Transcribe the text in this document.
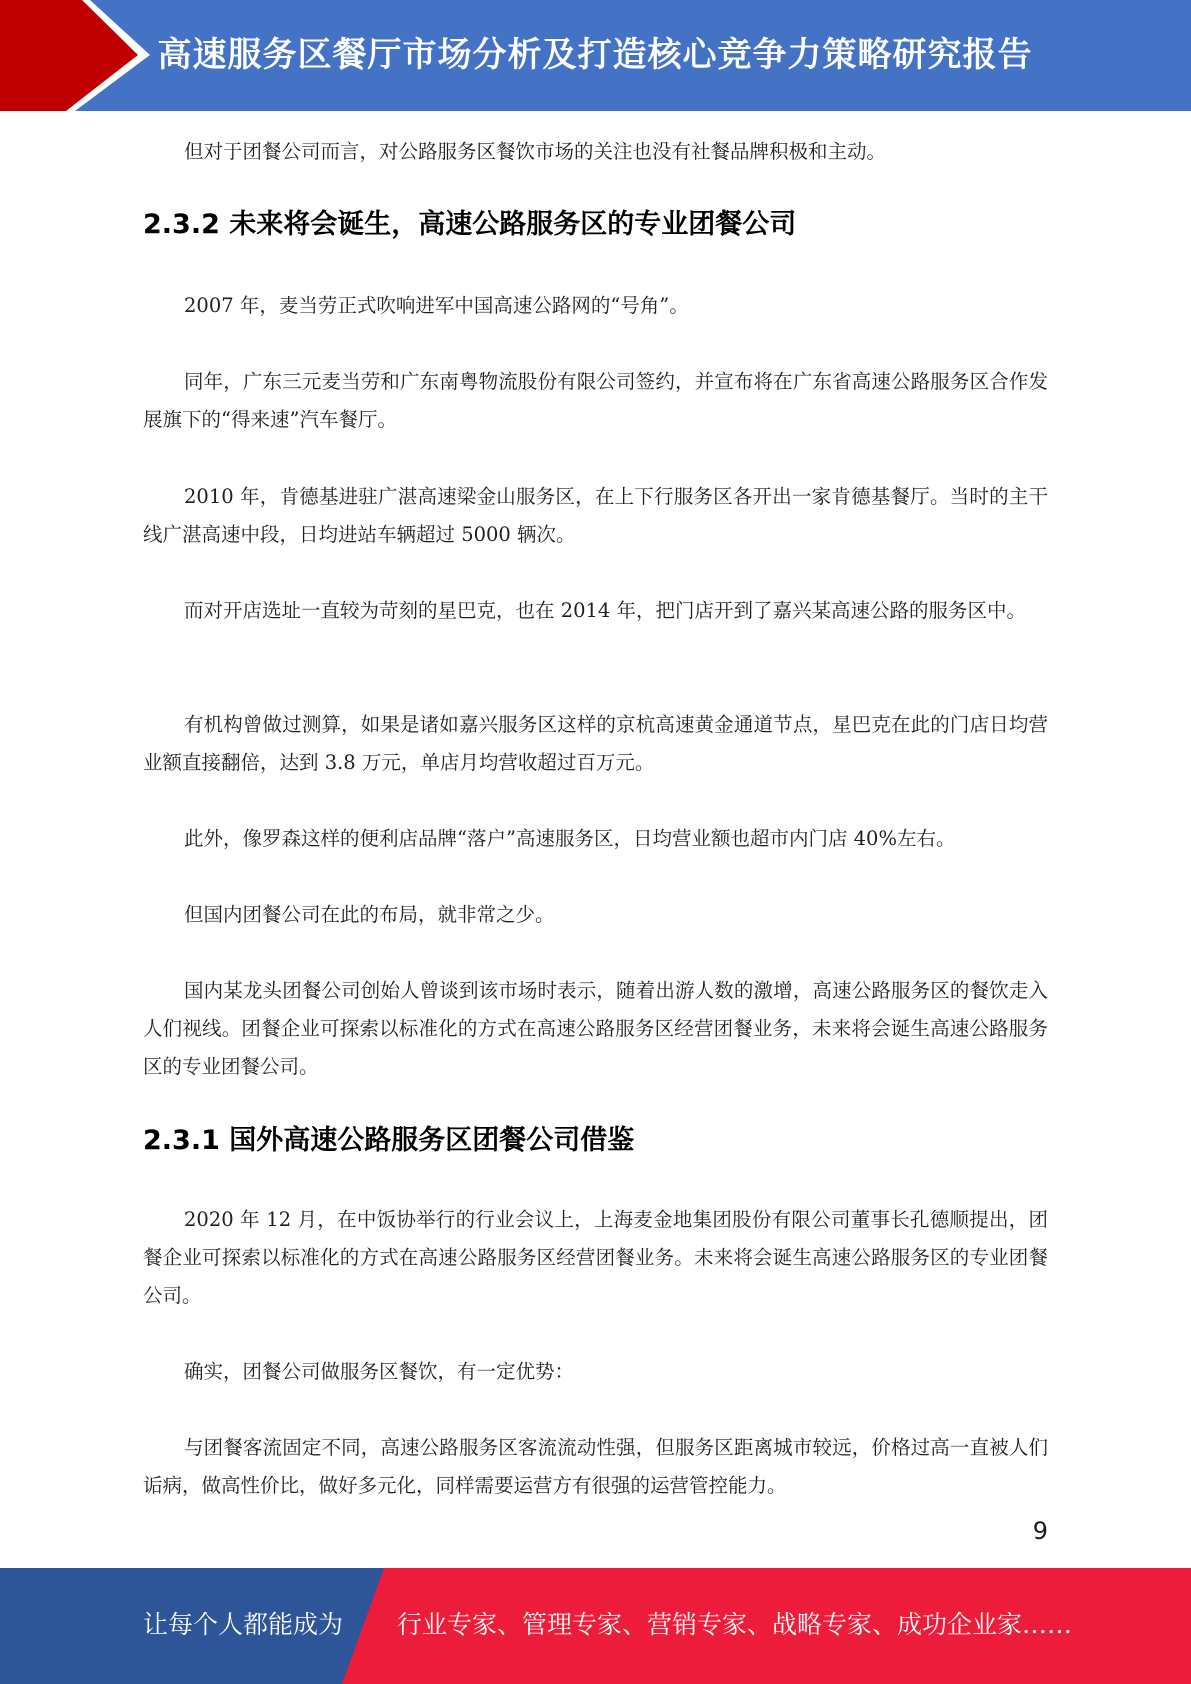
高速服务区餐厅市场分析及打造核心竞争力策略研究报告

但对于团餐公司而言，对公路服务区餐饮市场的关注也没有社餐品牌积极和主动。

2.3.2 未来将会诞生，高速公路服务区的专业团餐公司

2007 年，麦当劳正式吹响进军中国高速公路网的“号角”。

同年，广东三元麦当劳和广东南粤物流股份有限公司签约，并宣布将在广东省高速公路服务区合作发展旗下的“得来速”汽车餐厅。

2010 年，肯德基进驻广湛高速梁金山服务区，在上下行服务区各开出一家肯德基餐厅。当时的主干线广湛高速中段，日均进站车辆超过 5000 辆次。

而对开店选址一直较为苛刻的星巴克，也在 2014 年，把门店开到了嘉兴某高速公路的服务区中。

有机构曾做过测算，如果是诸如嘉兴服务区这样的京杭高速黄金通道节点，星巴克在此的门店日均营业额直接翻倍，达到 3.8 万元，单店月均营收超过百万元。

此外，像罗森这样的便利店品牌“落户”高速服务区，日均营业额也超市内门店 40%左右。

但国内团餐公司在此的布局，就非常之少。

国内某龙头团餐公司创始人曾谈到该市场时表示，随着出游人数的激增，高速公路服务区的餐饮走入人们视线。团餐企业可探索以标准化的方式在高速公路服务区经营团餐业务，未来将会诞生高速公路服务区的专业团餐公司。

2.3.1 国外高速公路服务区团餐公司借鉴

2020 年 12 月，在中饭协举行的行业会议上，上海麦金地集团股份有限公司董事长孔德顺提出，团餐企业可探索以标准化的方式在高速公路服务区经营团餐业务。未来将会诞生高速公路服务区的专业团餐公司。

确实，团餐公司做服务区餐饮，有一定优势：

与团餐客流固定不同，高速公路服务区客流流动性强，但服务区距离城市较远，价格过高一直被人们诟病，做高性价比，做好多元化，同样需要运营方有很强的运营管控能力。

9
让每个人都能成为 行业专家、管理专家、营销专家、战略专家、成功企业家……
